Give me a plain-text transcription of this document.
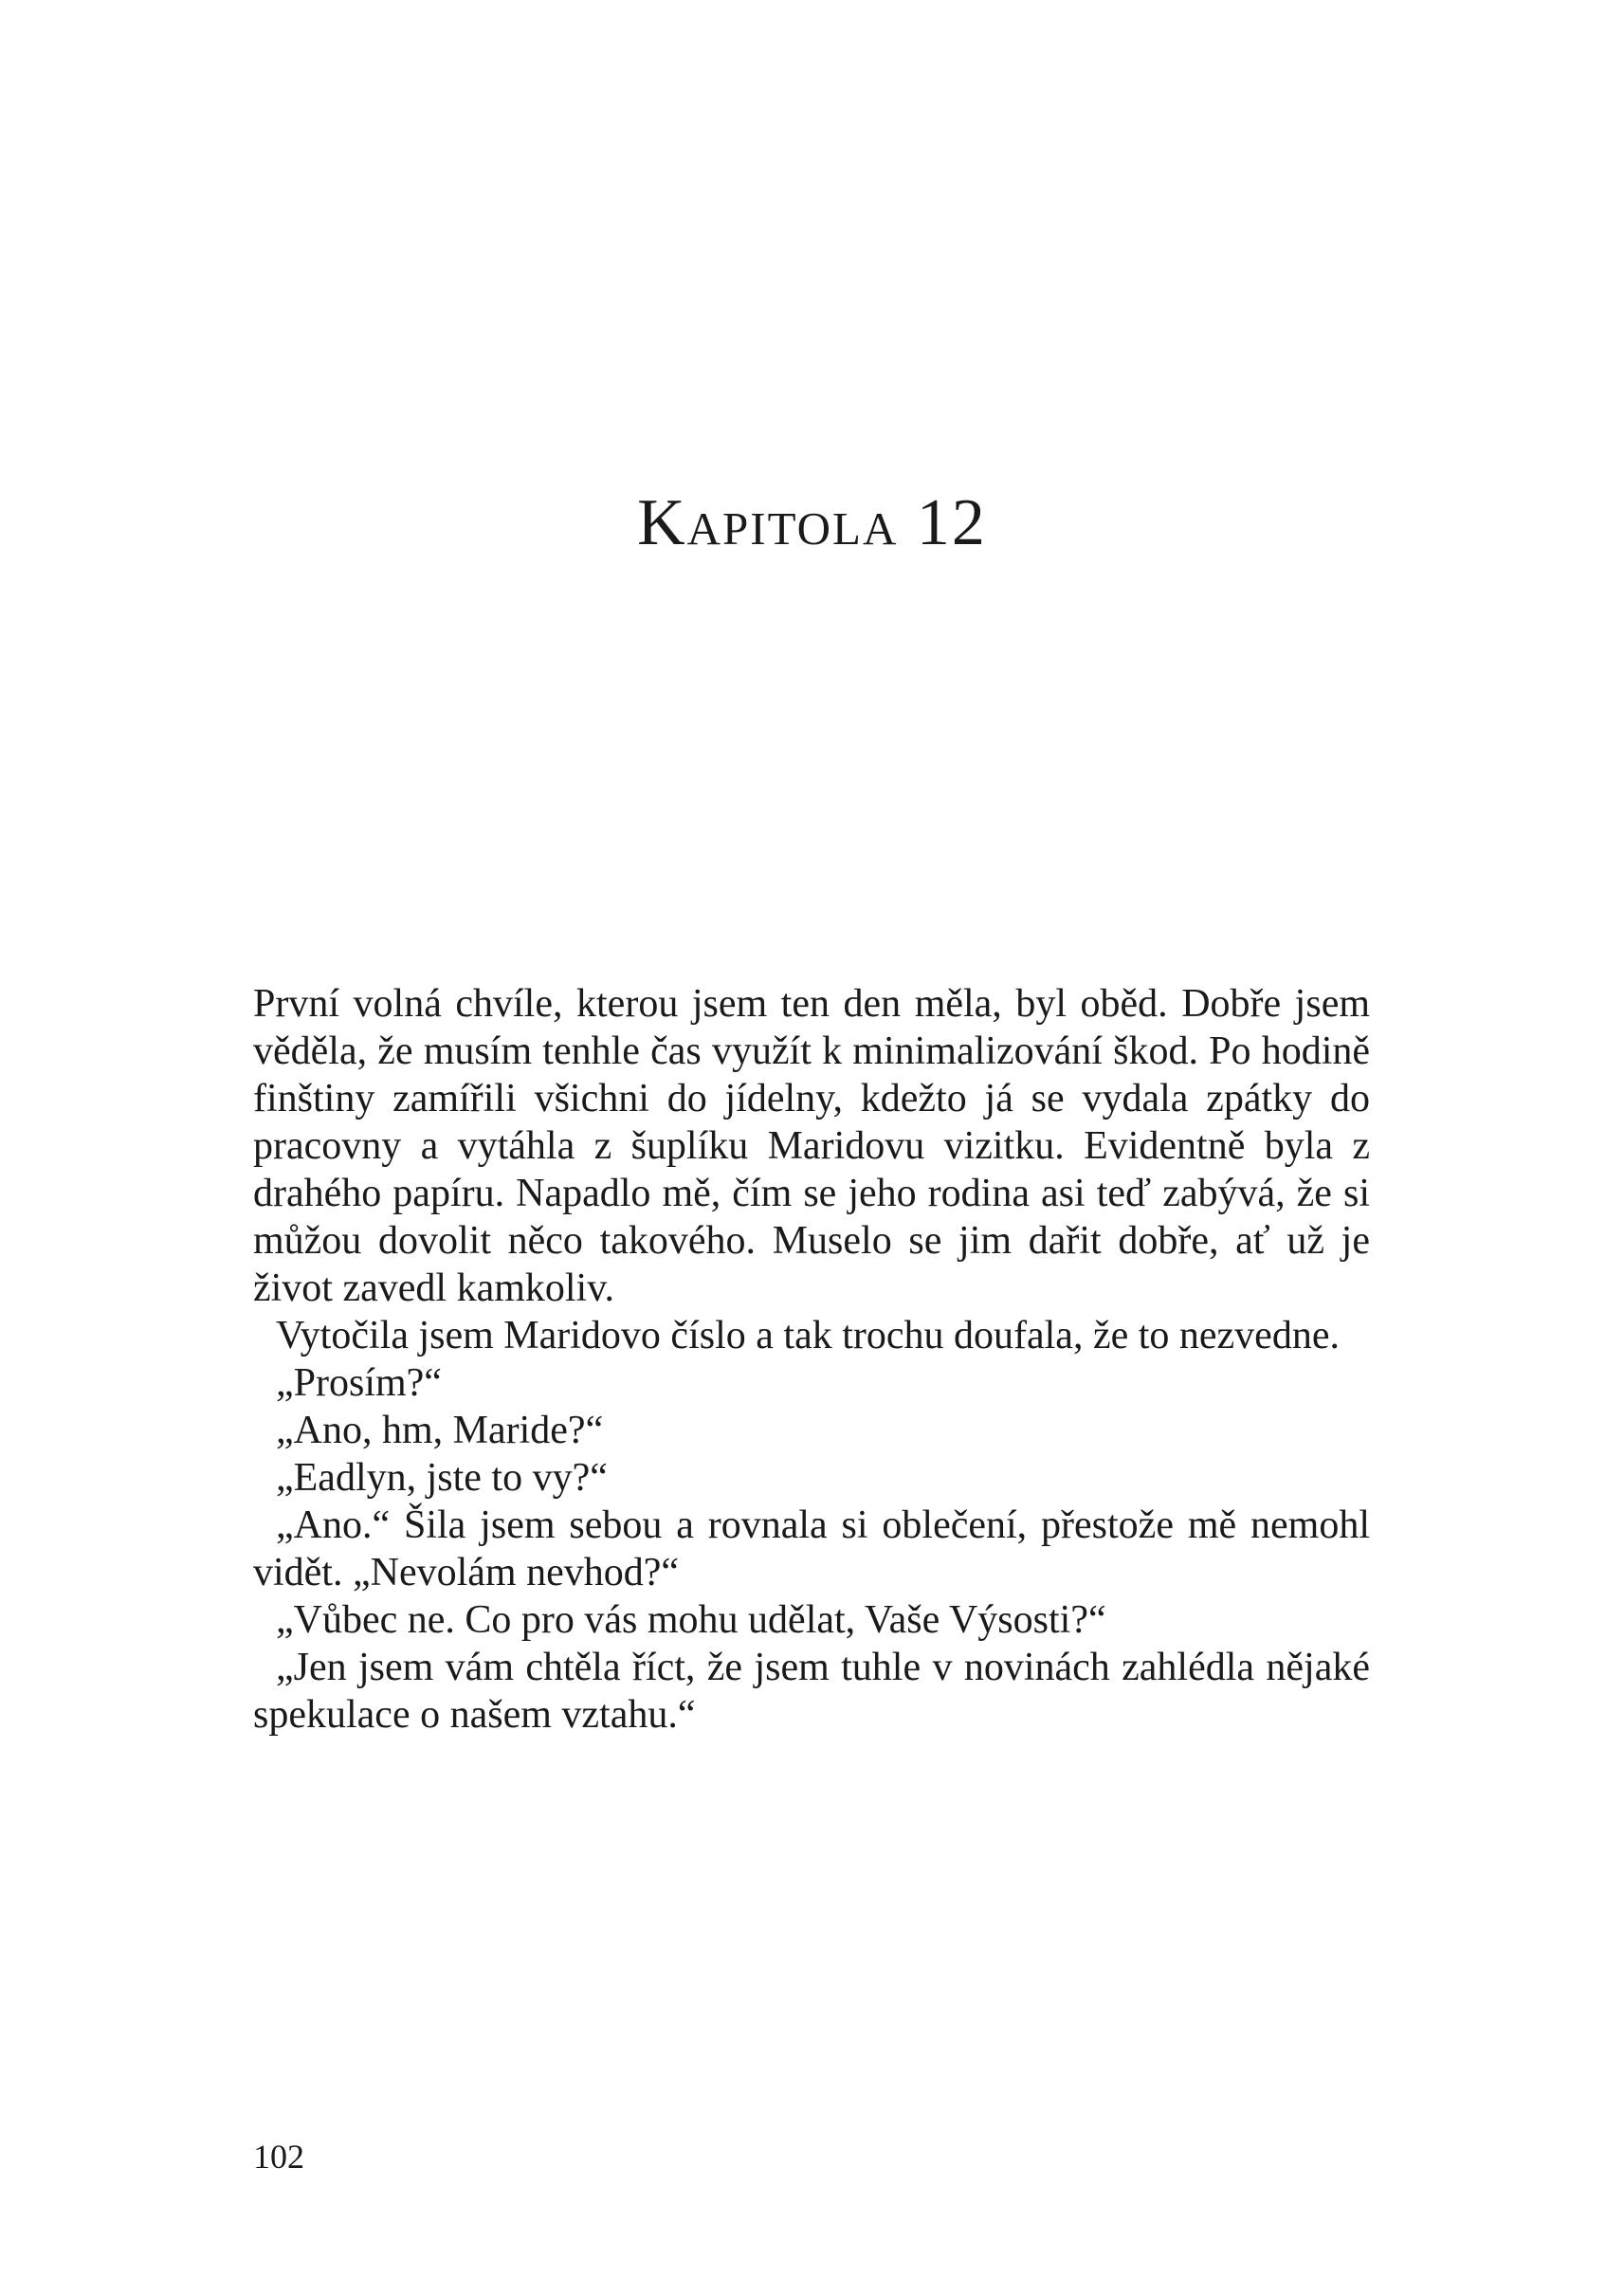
Kapitola 12

První volná chvíle, kterou jsem ten den měla, byl oběd. Dobře jsem věděla, že musím tenhle čas využít k minimalizování škod. Po hodině finštiny zamířili všichni do jídelny, kdežto já se vydala zpátky do pracovny a vytáhla z šuplíku Maridovu vizitku. Evidentně byla z drahého papíru. Napadlo mě, čím se jeho rodina asi teď zabývá, že si můžou dovolit něco takového. Muselo se jim dařit dobře, ať už je život zavedl kamkoliv.

Vytočila jsem Maridovo číslo a tak trochu doufala, že to nezvedne.

„Prosím?“

„Ano, hm, Maride?“

„Eadlyn, jste to vy?“

„Ano.“ Šila jsem sebou a rovnala si oblečení, přestože mě nemohl vidět. „Nevolám nevhod?“

„Vůbec ne. Co pro vás mohu udělat, Vaše Výsosti?“

„Jen jsem vám chtěla říct, že jsem tuhle v novinách zahlédla nějaké spekulace o našem vztahu.“

102
